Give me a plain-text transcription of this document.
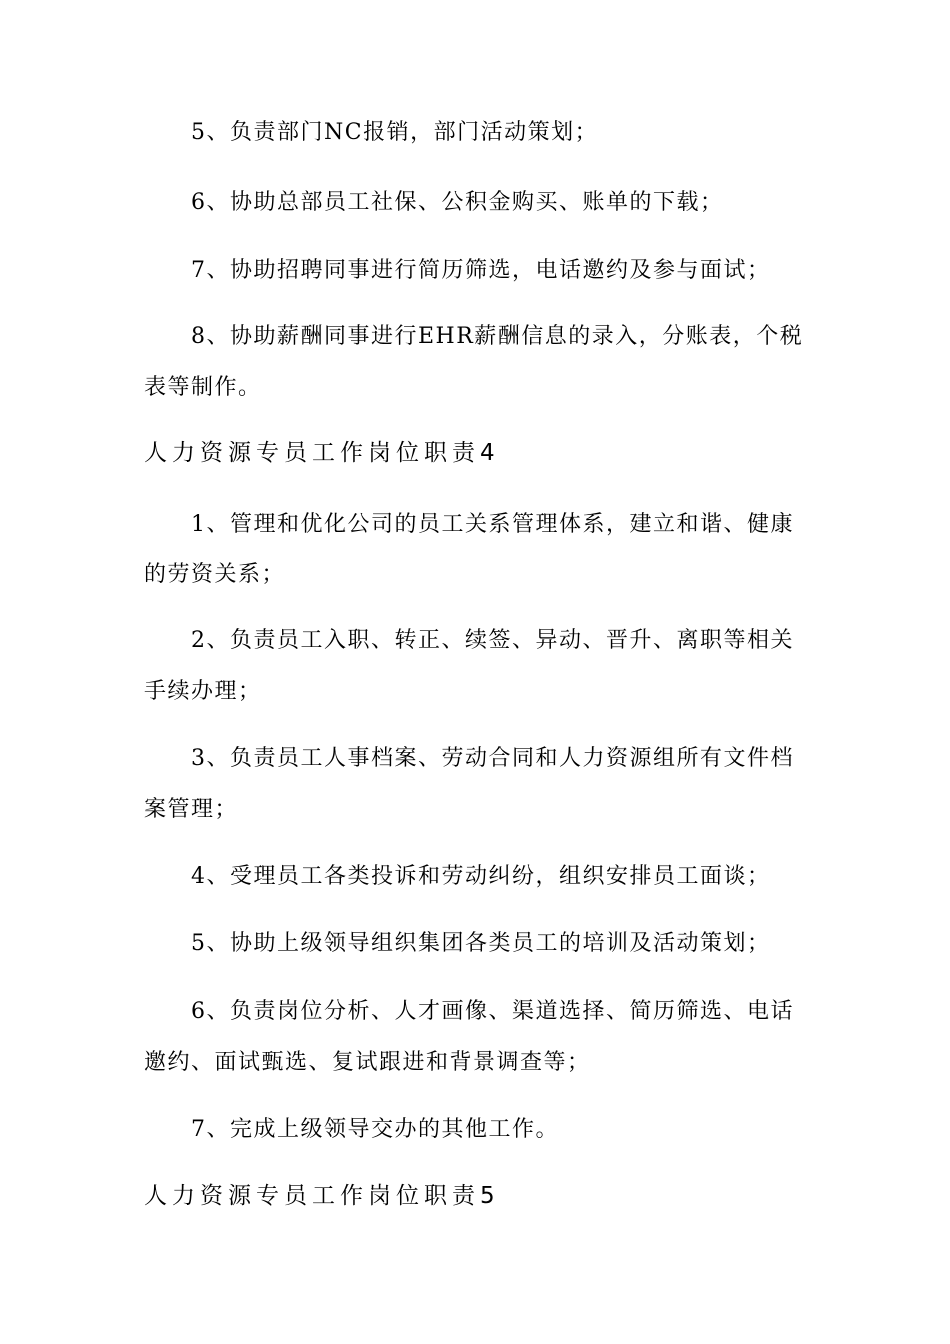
5、负责部门NC报销，部门活动策划；
6、协助总部员工社保、公积金购买、账单的下载；
7、协助招聘同事进行简历筛选，电话邀约及参与面试；
8、协助薪酬同事进行EHR薪酬信息的录入，分账表，个税
表等制作。
人力资源专员工作岗位职责4
1、管理和优化公司的员工关系管理体系，建立和谐、健康
的劳资关系；
2、负责员工入职、转正、续签、异动、晋升、离职等相关
手续办理；
3、负责员工人事档案、劳动合同和人力资源组所有文件档
案管理；
4、受理员工各类投诉和劳动纠纷，组织安排员工面谈；
5、协助上级领导组织集团各类员工的培训及活动策划；
6、负责岗位分析、人才画像、渠道选择、简历筛选、电话
邀约、面试甄选、复试跟进和背景调查等；
7、完成上级领导交办的其他工作。
人力资源专员工作岗位职责5
